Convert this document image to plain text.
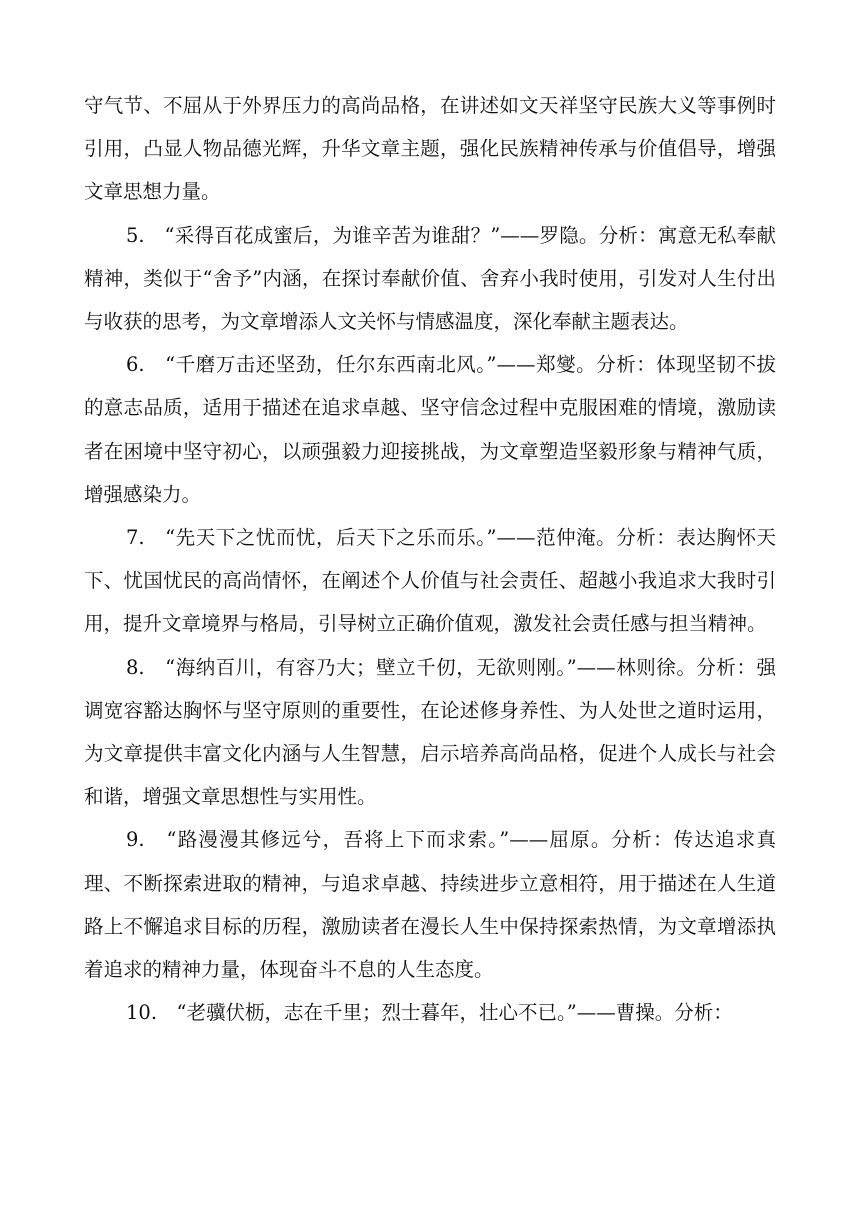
守气节、不屈从于外界压力的高尚品格，在讲述如文天祥坚守民族大义等事例时引用，凸显人物品德光辉，升华文章主题，强化民族精神传承与价值倡导，增强文章思想力量。

5.　“采得百花成蜜后，为谁辛苦为谁甜？”——罗隐。分析：寓意无私奉献精神，类似于“舍予”内涵，在探讨奉献价值、舍弃小我时使用，引发对人生付出与收获的思考，为文章增添人文关怀与情感温度，深化奉献主题表达。

6.　“千磨万击还坚劲，任尔东西南北风。”——郑燮。分析：体现坚韧不拔的意志品质，适用于描述在追求卓越、坚守信念过程中克服困难的情境，激励读者在困境中坚守初心，以顽强毅力迎接挑战，为文章塑造坚毅形象与精神气质，增强感染力。

7.　“先天下之忧而忧，后天下之乐而乐。”——范仲淹。分析：表达胸怀天下、忧国忧民的高尚情怀，在阐述个人价值与社会责任、超越小我追求大我时引用，提升文章境界与格局，引导树立正确价值观，激发社会责任感与担当精神。

8.　“海纳百川，有容乃大；壁立千仞，无欲则刚。”——林则徐。分析：强调宽容豁达胸怀与坚守原则的重要性，在论述修身养性、为人处世之道时运用，为文章提供丰富文化内涵与人生智慧，启示培养高尚品格，促进个人成长与社会和谐，增强文章思想性与实用性。

9.　“路漫漫其修远兮，吾将上下而求索。”——屈原。分析：传达追求真理、不断探索进取的精神，与追求卓越、持续进步立意相符，用于描述在人生道路上不懈追求目标的历程，激励读者在漫长人生中保持探索热情，为文章增添执着追求的精神力量，体现奋斗不息的人生态度。

10.　“老骥伏枥，志在千里；烈士暮年，壮心不已。”——曹操。分析：
